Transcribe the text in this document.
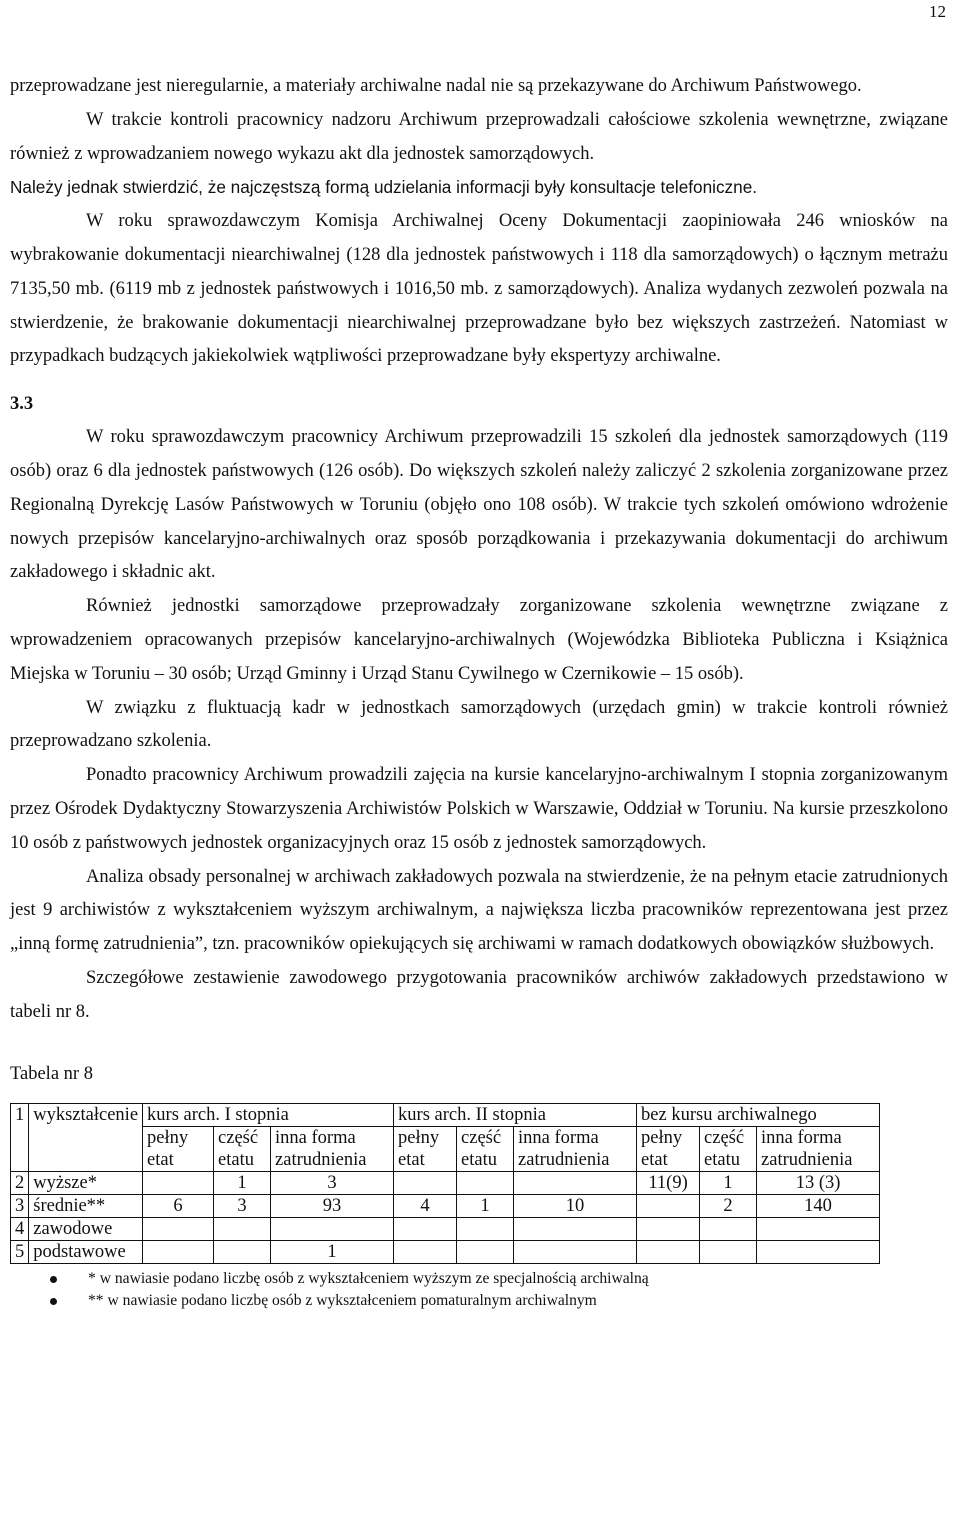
12

przeprowadzane jest nieregularnie, a materiały archiwalne nadal nie są przekazywane do Archiwum Państwowego.

W trakcie kontroli pracownicy nadzoru Archiwum przeprowadzali całościowe szkolenia wewnętrzne, związane również z wprowadzaniem nowego wykazu akt dla jednostek samorządowych.

Należy jednak stwierdzić, że najczęstszą formą udzielania informacji były konsultacje telefoniczne.

W roku sprawozdawczym Komisja Archiwalnej Oceny Dokumentacji zaopiniowała 246 wniosków na wybrakowanie dokumentacji niearchiwalnej (128 dla jednostek państwowych i 118 dla samorządowych) o łącznym metrażu 7135,50 mb. (6119 mb z jednostek państwowych i 1016,50 mb. z samorządowych). Analiza wydanych zezwoleń pozwala na stwierdzenie, że brakowanie dokumentacji niearchiwalnej przeprowadzane było bez większych zastrzeżeń. Natomiast w przypadkach budzących jakiekolwiek wątpliwości przeprowadzane były ekspertyzy archiwalne.

3.3

W roku sprawozdawczym pracownicy Archiwum przeprowadzili 15 szkoleń dla jednostek samorządowych (119 osób) oraz 6 dla jednostek państwowych (126 osób). Do większych szkoleń należy zaliczyć 2 szkolenia zorganizowane przez Regionalną Dyrekcję Lasów Państwowych w Toruniu (objęło ono 108 osób). W trakcie tych szkoleń omówiono wdrożenie nowych przepisów kancelaryjno-archiwalnych oraz sposób porządkowania i przekazywania dokumentacji do archiwum zakładowego i składnic akt.

Również jednostki samorządowe przeprowadzały zorganizowane szkolenia wewnętrzne związane z wprowadzeniem opracowanych przepisów kancelaryjno-archiwalnych (Wojewódzka Biblioteka Publiczna i Książnica Miejska w Toruniu – 30 osób; Urząd Gminny i Urząd Stanu Cywilnego w Czernikowie – 15 osób).

W związku z fluktuacją kadr w jednostkach samorządowych (urzędach gmin) w trakcie kontroli również przeprowadzano szkolenia.

Ponadto pracownicy Archiwum prowadzili zajęcia na kursie kancelaryjno-archiwalnym I stopnia zorganizowanym przez Ośrodek Dydaktyczny Stowarzyszenia Archiwistów Polskich w Warszawie, Oddział w Toruniu. Na kursie przeszkolono 10 osób z państwowych jednostek organizacyjnych oraz 15 osób z jednostek samorządowych.

Analiza obsady personalnej w archiwach zakładowych pozwala na stwierdzenie, że na pełnym etacie zatrudnionych jest 9 archiwistów z wykształceniem wyższym archiwalnym, a największa liczba pracowników reprezentowana jest przez „inną formę zatrudnienia”, tzn. pracowników opiekujących się archiwami w ramach dodatkowych obowiązków służbowych.

Szczegółowe zestawienie zawodowego przygotowania pracowników archiwów zakładowych przedstawiono w tabeli nr 8.

Tabela nr 8
1	wykształcenie	kurs arch. I stopnia			kurs arch. II stopnia			bez kursu archiwalnego		
		pełny etat	część etatu	inna forma zatrudnienia	pełny etat	część etatu	inna forma zatrudnienia	pełny etat	część etatu	inna forma zatrudnienia
2	wyższe*		1	3				11(9)	1	13 (3)
3	średnie**	6	3	93	4	1	10		2	140
4	zawodowe									
5	podstawowe			1						
* w nawiasie podano liczbę osób z wykształceniem wyższym ze specjalnością archiwalną
** w nawiasie podano liczbę osób z wykształceniem pomaturalnym archiwalnym
